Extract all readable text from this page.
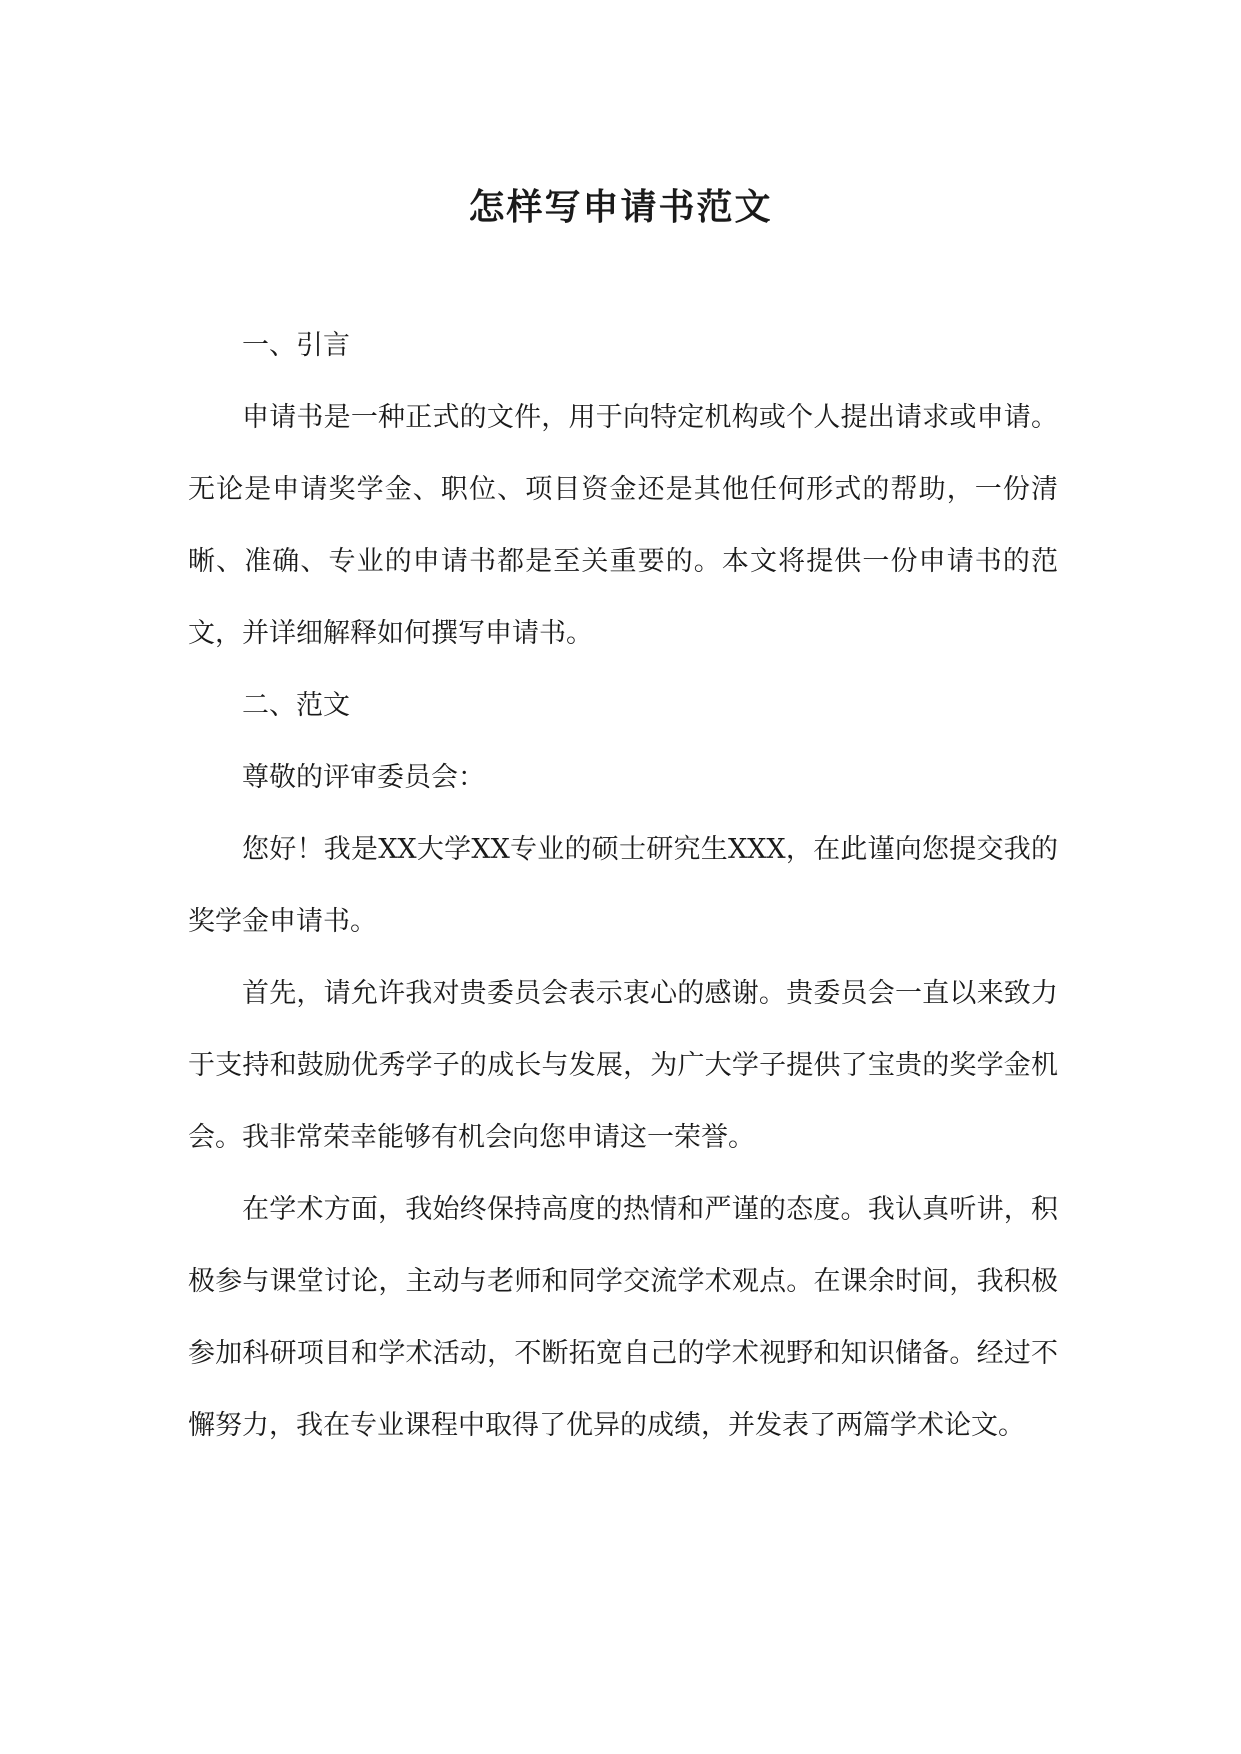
怎样写申请书范文

一、引言

申请书是一种正式的文件，用于向特定机构或个人提出请求或申请。无论是申请奖学金、职位、项目资金还是其他任何形式的帮助，一份清晰、准确、专业的申请书都是至关重要的。本文将提供一份申请书的范文，并详细解释如何撰写申请书。

二、范文

尊敬的评审委员会：

您好！我是XX大学XX专业的硕士研究生XXX，在此谨向您提交我的奖学金申请书。

首先，请允许我对贵委员会表示衷心的感谢。贵委员会一直以来致力于支持和鼓励优秀学子的成长与发展，为广大学子提供了宝贵的奖学金机会。我非常荣幸能够有机会向您申请这一荣誉。

在学术方面，我始终保持高度的热情和严谨的态度。我认真听讲，积极参与课堂讨论，主动与老师和同学交流学术观点。在课余时间，我积极参加科研项目和学术活动，不断拓宽自己的学术视野和知识储备。经过不懈努力，我在专业课程中取得了优异的成绩，并发表了两篇学术论文。
